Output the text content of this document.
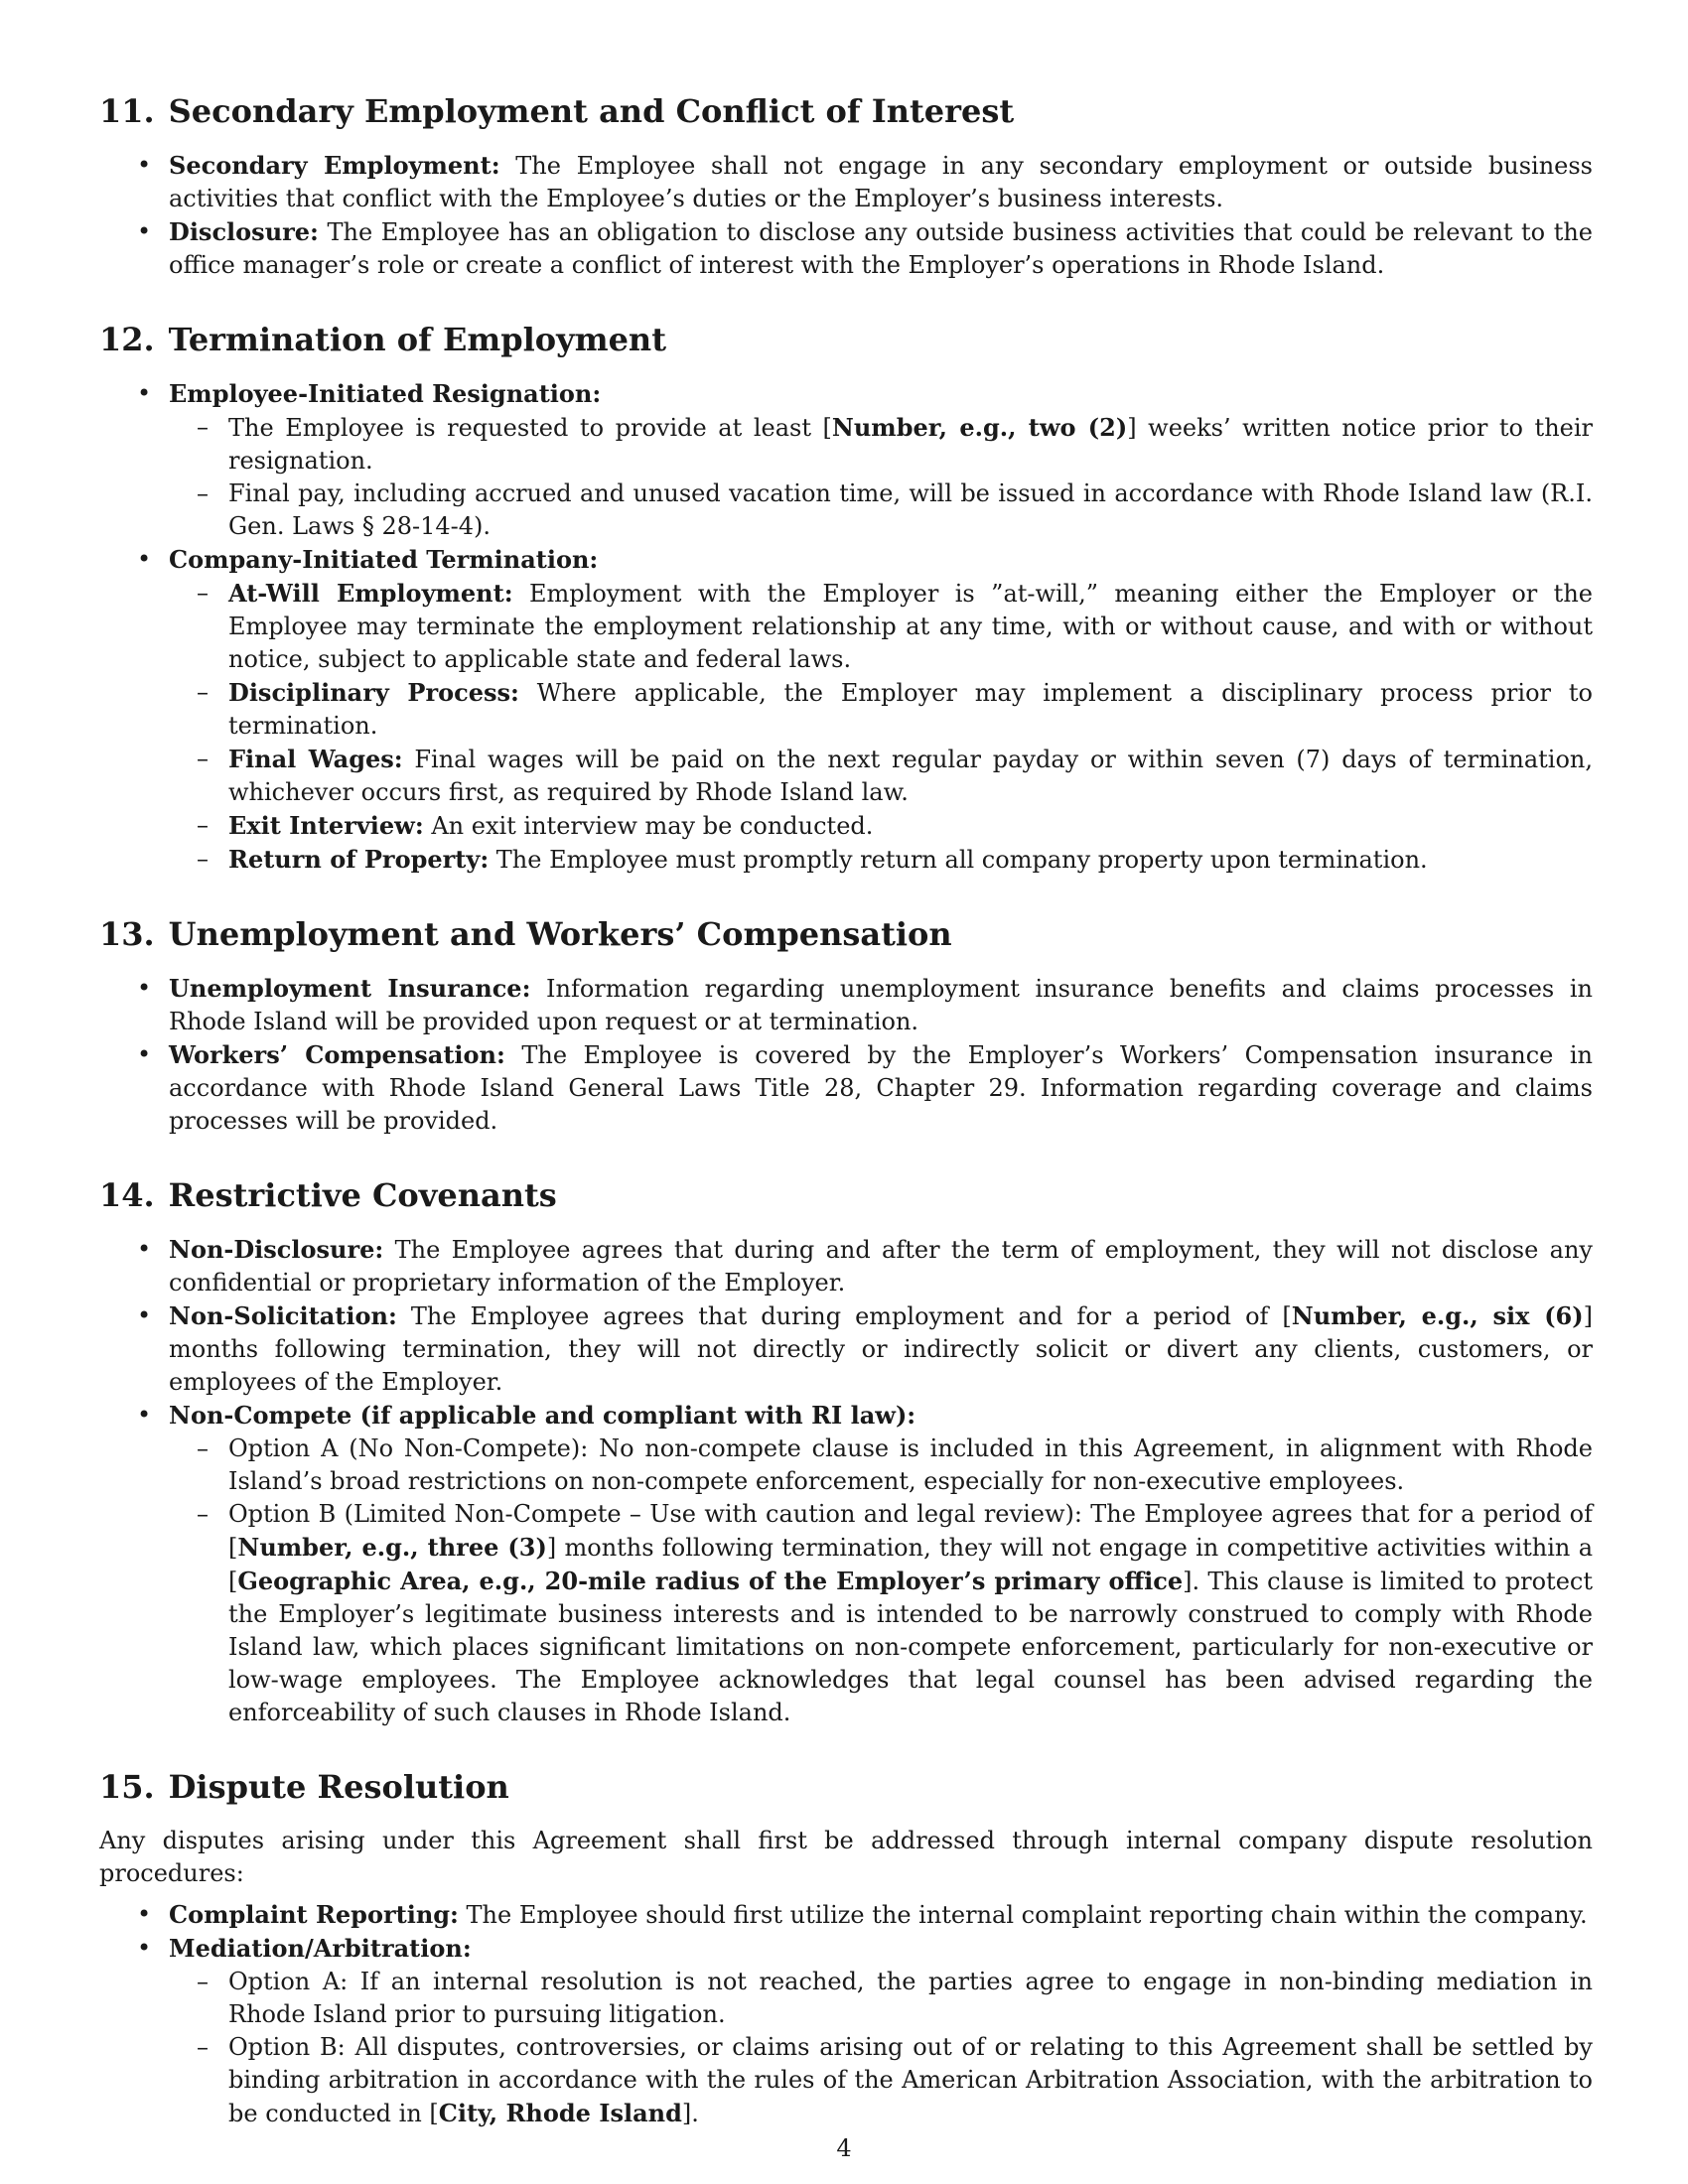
11. Secondary Employment and Conflict of Interest
• Secondary Employment: The Employee shall not engage in any secondary employment or outside business activities that conflict with the Employee’s duties or the Employer’s business interests.
• Disclosure: The Employee has an obligation to disclose any outside business activities that could be relevant to the office manager’s role or create a conflict of interest with the Employer’s operations in Rhode Island.
12. Termination of Employment
• Employee-Initiated Resignation:
– The Employee is requested to provide at least [Number, e.g., two (2)] weeks’ written notice prior to their resignation.
– Final pay, including accrued and unused vacation time, will be issued in accordance with Rhode Island law (R.I. Gen. Laws § 28-14-4).
• Company-Initiated Termination:
– At-Will Employment: Employment with the Employer is ”at-will,” meaning either the Employer or the Employee may terminate the employment relationship at any time, with or without cause, and with or without notice, subject to applicable state and federal laws.
– Disciplinary Process: Where applicable, the Employer may implement a disciplinary process prior to termination.
– Final Wages: Final wages will be paid on the next regular payday or within seven (7) days of termination, whichever occurs first, as required by Rhode Island law.
– Exit Interview: An exit interview may be conducted.
– Return of Property: The Employee must promptly return all company property upon termination.
13. Unemployment and Workers’ Compensation
• Unemployment Insurance: Information regarding unemployment insurance benefits and claims processes in Rhode Island will be provided upon request or at termination.
• Workers’ Compensation: The Employee is covered by the Employer’s Workers’ Compensation insurance in accordance with Rhode Island General Laws Title 28, Chapter 29. Information regarding coverage and claims processes will be provided.
14. Restrictive Covenants
• Non-Disclosure: The Employee agrees that during and after the term of employment, they will not disclose any confidential or proprietary information of the Employer.
• Non-Solicitation: The Employee agrees that during employment and for a period of [Number, e.g., six (6)] months following termination, they will not directly or indirectly solicit or divert any clients, customers, or employees of the Employer.
• Non-Compete (if applicable and compliant with RI law):
– Option A (No Non-Compete): No non-compete clause is included in this Agreement, in alignment with Rhode Island’s broad restrictions on non-compete enforcement, especially for non-executive employees.
– Option B (Limited Non-Compete – Use with caution and legal review): The Employee agrees that for a period of [Number, e.g., three (3)] months following termination, they will not engage in competitive activities within a [Geographic Area, e.g., 20-mile radius of the Employer’s primary office]. This clause is limited to protect the Employer’s legitimate business interests and is intended to be narrowly construed to comply with Rhode Island law, which places significant limitations on non-compete enforcement, particularly for non-executive or low-wage employees. The Employee acknowledges that legal counsel has been advised regarding the enforceability of such clauses in Rhode Island.
15. Dispute Resolution

Any disputes arising under this Agreement shall first be addressed through internal company dispute resolution procedures:

• Complaint Reporting: The Employee should first utilize the internal complaint reporting chain within the company.
• Mediation/Arbitration:
– Option A: If an internal resolution is not reached, the parties agree to engage in non-binding mediation in Rhode Island prior to pursuing litigation.
– Option B: All disputes, controversies, or claims arising out of or relating to this Agreement shall be settled by binding arbitration in accordance with the rules of the American Arbitration Association, with the arbitration to be conducted in [City, Rhode Island].
4
